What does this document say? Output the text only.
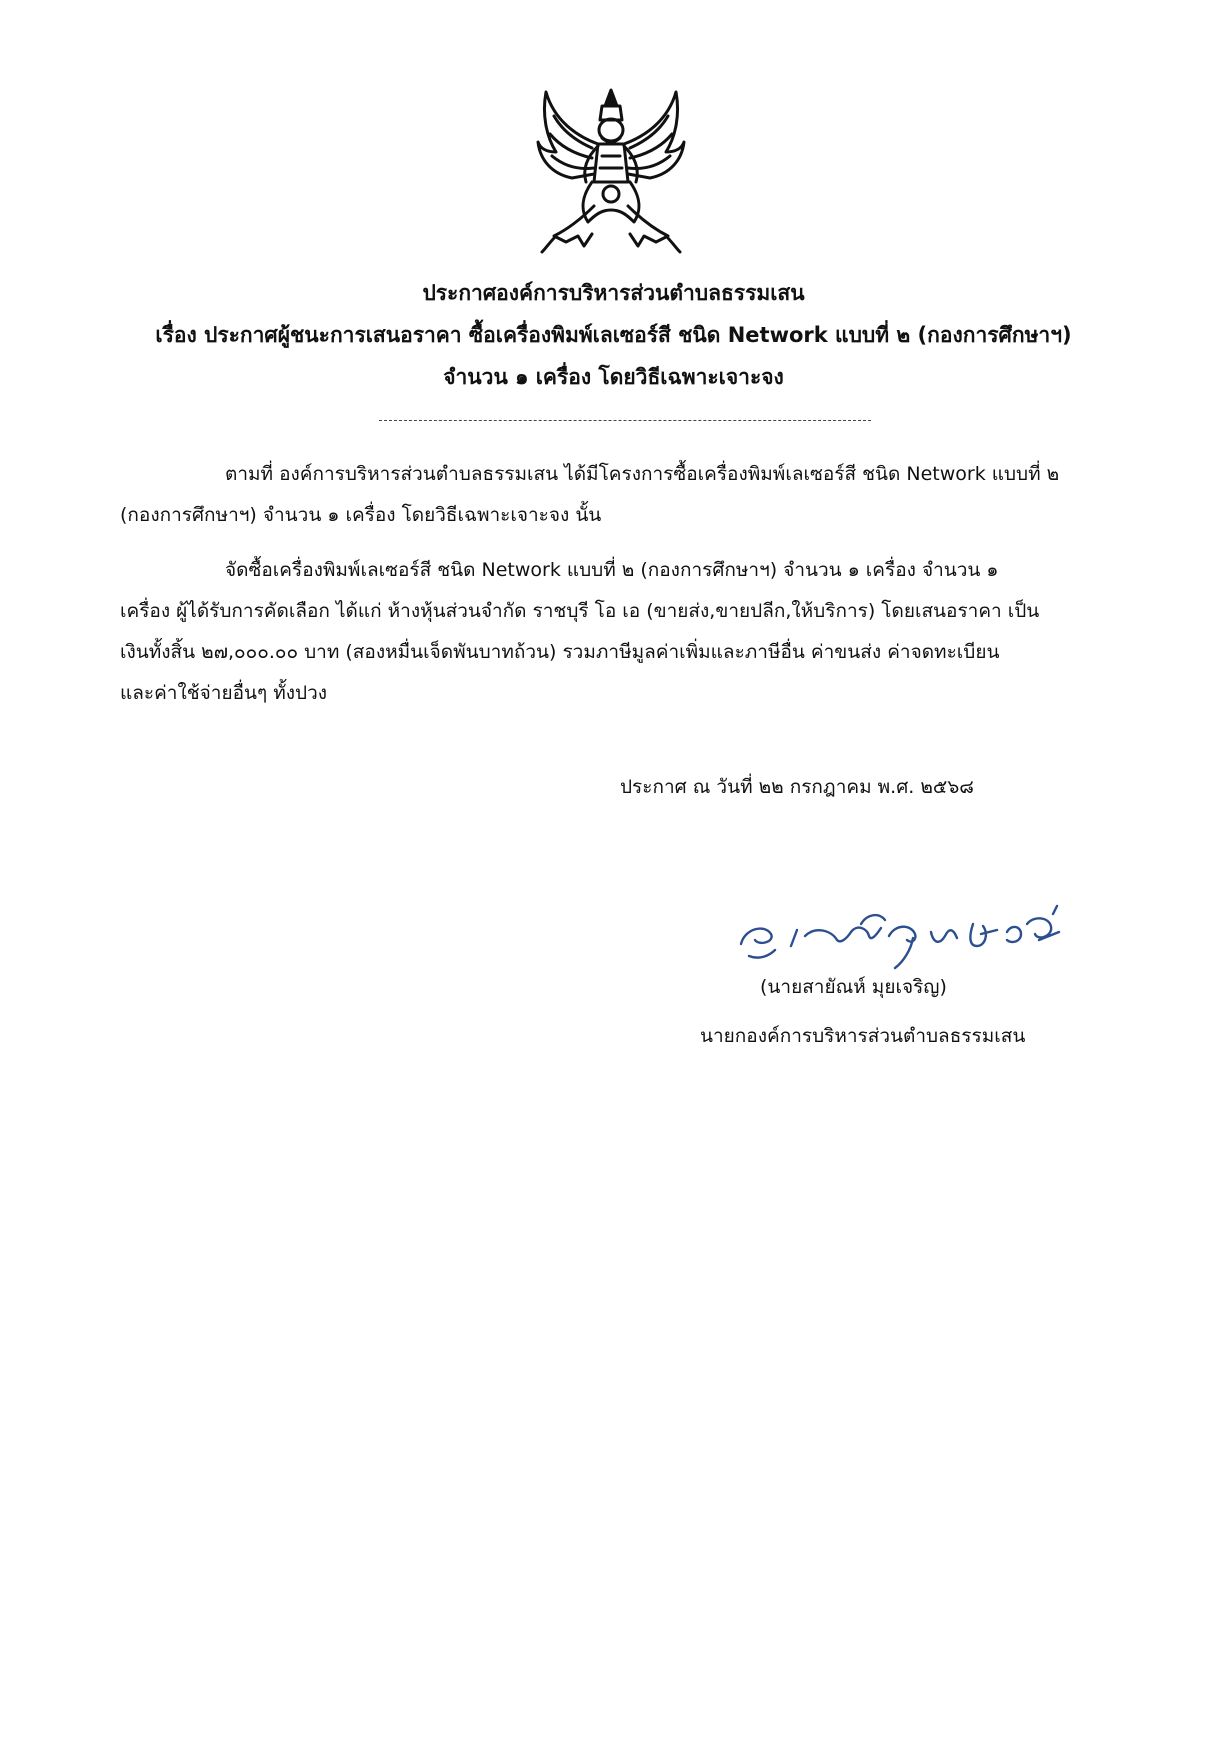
ประกาศองค์การบริหารส่วนตำบลธรรมเสน
เรื่อง ประกาศผู้ชนะการเสนอราคา ซื้อเครื่องพิมพ์เลเซอร์สี ชนิด Network แบบที่ ๒ (กองการศึกษาฯ)
จำนวน ๑ เครื่อง โดยวิธีเฉพาะเจาะจง
ตามที่ องค์การบริหารส่วนตำบลธรรมเสน ได้มีโครงการซื้อเครื่องพิมพ์เลเซอร์สี ชนิด Network แบบที่ ๒
(กองการศึกษาฯ) จำนวน ๑ เครื่อง โดยวิธีเฉพาะเจาะจง นั้น
จัดซื้อเครื่องพิมพ์เลเซอร์สี ชนิด Network แบบที่ ๒ (กองการศึกษาฯ) จำนวน ๑ เครื่อง จำนวน ๑
เครื่อง ผู้ได้รับการคัดเลือก ได้แก่ ห้างหุ้นส่วนจำกัด ราชบุรี โอ เอ (ขายส่ง,ขายปลีก,ให้บริการ) โดยเสนอราคา เป็น
เงินทั้งสิ้น ๒๗,๐๐๐.๐๐ บาท (สองหมื่นเจ็ดพันบาทถ้วน) รวมภาษีมูลค่าเพิ่มและภาษีอื่น ค่าขนส่ง ค่าจดทะเบียน
และค่าใช้จ่ายอื่นๆ ทั้งปวง
ประกาศ ณ วันที่ ๒๒ กรกฎาคม พ.ศ. ๒๕๖๘
(นายสายัณห์ มุยเจริญ)
นายกองค์การบริหารส่วนตำบลธรรมเสน
